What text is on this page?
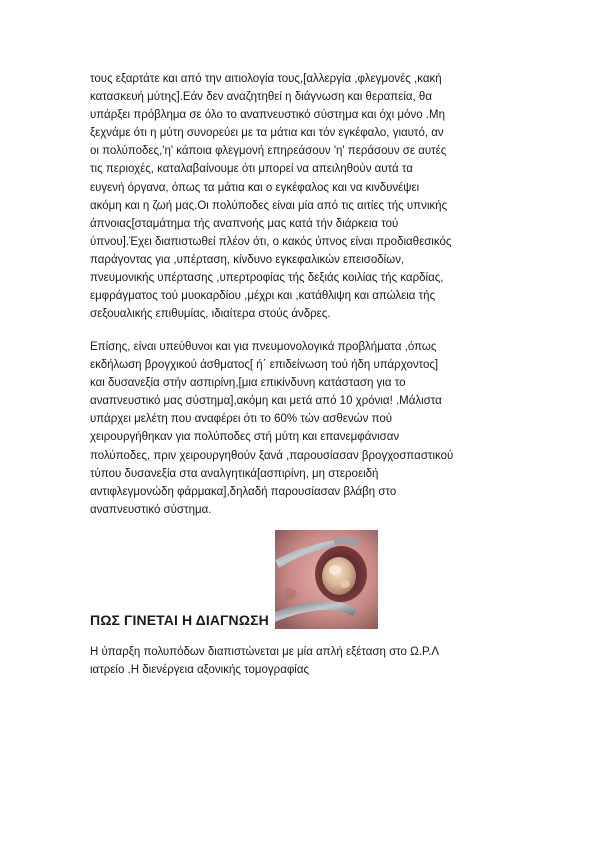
τους εξαρτάτε και από την αιτιολογία τους,[αλλεργία ,φλεγμονές ,κακή
κατασκευή μύτης].Εάν δεν αναζητηθεί η διάγνωση και θεραπεία, θα
υπάρξει πρόβλημα σε όλο το αναπνευστικό σύστημα και όχι μόνο .Μη
ξεχνάμε ότι η μύτη συνορεύει με τα μάτια και τόν εγκέφαλο, γιαυτό, αν
οι πολύποδες,'η' κάποια φλεγμονή επηρεάσουν 'η' περάσουν σε αυτές
τις περιοχές, καταλαβαίνουμε ότι μπορεί να απειληθούν αυτά τα
ευγενή όργανα, όπως τα μάτια και ο εγκέφαλος και να κινδυνέψει
ακόμη και η ζωή μας.Οι πολύποδες είναι μία από τις αιτίες τής υπνικής
άπνοιας[σταμάτημα τής αναπνοής μας κατά τήν διάρκεια τού
ύπνου].Έχει διαπιστωθεί πλέον ότι, ο κακός ύπνος είναι προδιαθεσικός
παράγοντας για ,υπέρταση, κίνδυνο εγκεφαλικών επεισοδίων,
πνευμονικής υπέρτασης ,υπερτροφίας τής δεξιάς κοιλίας τής καρδίας,
εμφράγματος τού μυοκαρδίου ,μέχρι και ,κατάθλιψη και απώλεια τής
σεξουαλικής επιθυμίας, ιδιαίτερα στούς άνδρες.

Επίσης, είναι υπεύθυνοι και για πνευμονολογικά προβλήματα ,όπως
εκδήλωση βρογχικού άσθματος[ ή΄ επιδείνωση τού ήδη υπάρχοντος]
και δυσανεξία στήν ασπιρίνη,[μια επικίνδυνη κατάσταση για το
αναπνευστικό μας σύστημα],ακόμη και μετά από 10 χρόνια! .Μάλιστα
υπάρχει μελέτη που αναφέρει ότι το 60% τών ασθενών πού
χειρουργήθηκαν για πολύποδες στή μύτη και επανεμφάνισαν
πολύποδες, πριν χειρουργηθούν ξανά ,παρουσίασαν βρογχοσπαστικού
τύπου δυσανεξία στα αναλγητικά[ασπιρίνη, μη στεροειδή
αντιφλεγμονώδη φάρμακα],δηλαδή παρουσίασαν βλάβη στο
αναπνευστικό σύστημα.

ΠΩΣ ΓΙΝΕΤΑΙ Η ΔΙΑΓΝΩΣΗ

Η ύπαρξη πολυπόδων διαπιστώνεται με μία απλή εξέταση στο Ω.Ρ.Λ
ιατρείο .Η διενέργεια αξονικής τομογραφίας
